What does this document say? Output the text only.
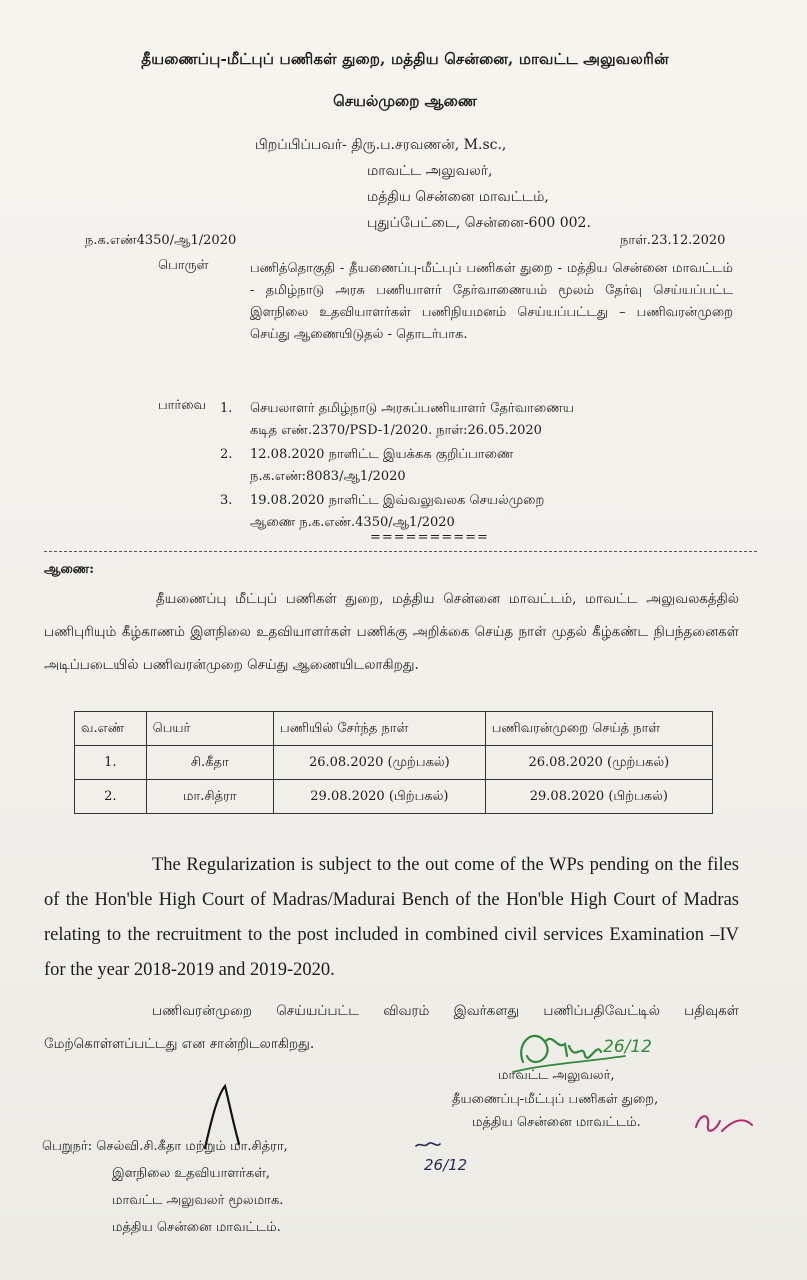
தீயணைப்பு-மீட்புப் பணிகள் துறை, மத்திய சென்னை, மாவட்ட அலுவலரின்
செயல்முறை ஆணை
பிறப்பிப்பவர்- திரு.ப.சரவணன், M.sc.,
மாவட்ட அலுவலர்,
மத்திய சென்னை மாவட்டம்,
புதுப்பேட்டை, சென்னை-600 002.
ந.க.எண்4350/ஆ1/2020	நாள்.23.12.2020
பொருள்	பணித்தொகுதி - தீயணைப்பு-மீட்புப் பணிகள் துறை - மத்திய சென்னை மாவட்டம் - தமிழ்நாடு அரசு பணியாளர் தேர்வாணையம் மூலம் தேர்வு செய்யப்பட்ட இளநிலை உதவியாளர்கள் பணிநியமனம் செய்யப்பட்டது – பணிவரன்முறை செய்து ஆணையிடுதல் - தொடர்பாக.
பார்வை 1. செயலாளர் தமிழ்நாடு அரசுப்பணியாளர் தேர்வாணைய
கடித எண்.2370/PSD-1/2020. நாள்:26.05.2020
2. 12.08.2020 நாளிட்ட இயக்கக குறிப்பாணை
ந.க.எண்:8083/ஆ1/2020
3. 19.08.2020 நாளிட்ட இவ்வலுவலக செயல்முறை
ஆணை ந.க.எண்.4350/ஆ1/2020
==========
ஆணை:
தீயணைப்பு மீட்புப் பணிகள் துறை, மத்திய சென்னை மாவட்டம், மாவட்ட அலுவலகத்தில் பணிபுரியும் கீழ்காணம் இளநிலை உதவியாளர்கள் பணிக்கு அறிக்கை செய்த நாள் முதல் கீழ்கண்ட நிபந்தனைகள் அடிப்படையில் பணிவரன்முறை செய்து ஆணையிடலாகிறது.
வ.எண்	பெயர்	பணியில் சேர்ந்த நாள்	பணிவரன்முறை செய்த் நாள்
1.	சி.கீதா	26.08.2020 (முற்பகல்)	26.08.2020 (முற்பகல்)
2.	மா.சித்ரா	29.08.2020 (பிற்பகல்)	29.08.2020 (பிற்பகல்)
The Regularization is subject to the out come of the WPs pending on the files of the Hon'ble High Court of Madras/Madurai Bench of the Hon'ble High Court of Madras relating to the recruitment to the post included in combined civil services Examination –IV for the year 2018-2019 and 2019-2020.
பணிவரன்முறை செய்யப்பட்ட விவரம் இவர்களது பணிப்பதிவேட்டில் பதிவுகள் மேற்கொள்ளப்பட்டது என சான்றிடலாகிறது.	26/12
மாவட்ட அலுவலர்,
தீயணைப்பு-மீட்புப் பணிகள் துறை,
மத்திய சென்னை மாவட்டம்.
26/12
பெறுநர்: செல்வி.சி.கீதா மற்றும் மா.சித்ரா,
இளநிலை உதவியாளர்கள்,
மாவட்ட அலுவலர் மூலமாக.
மத்திய சென்னை மாவட்டம்.
